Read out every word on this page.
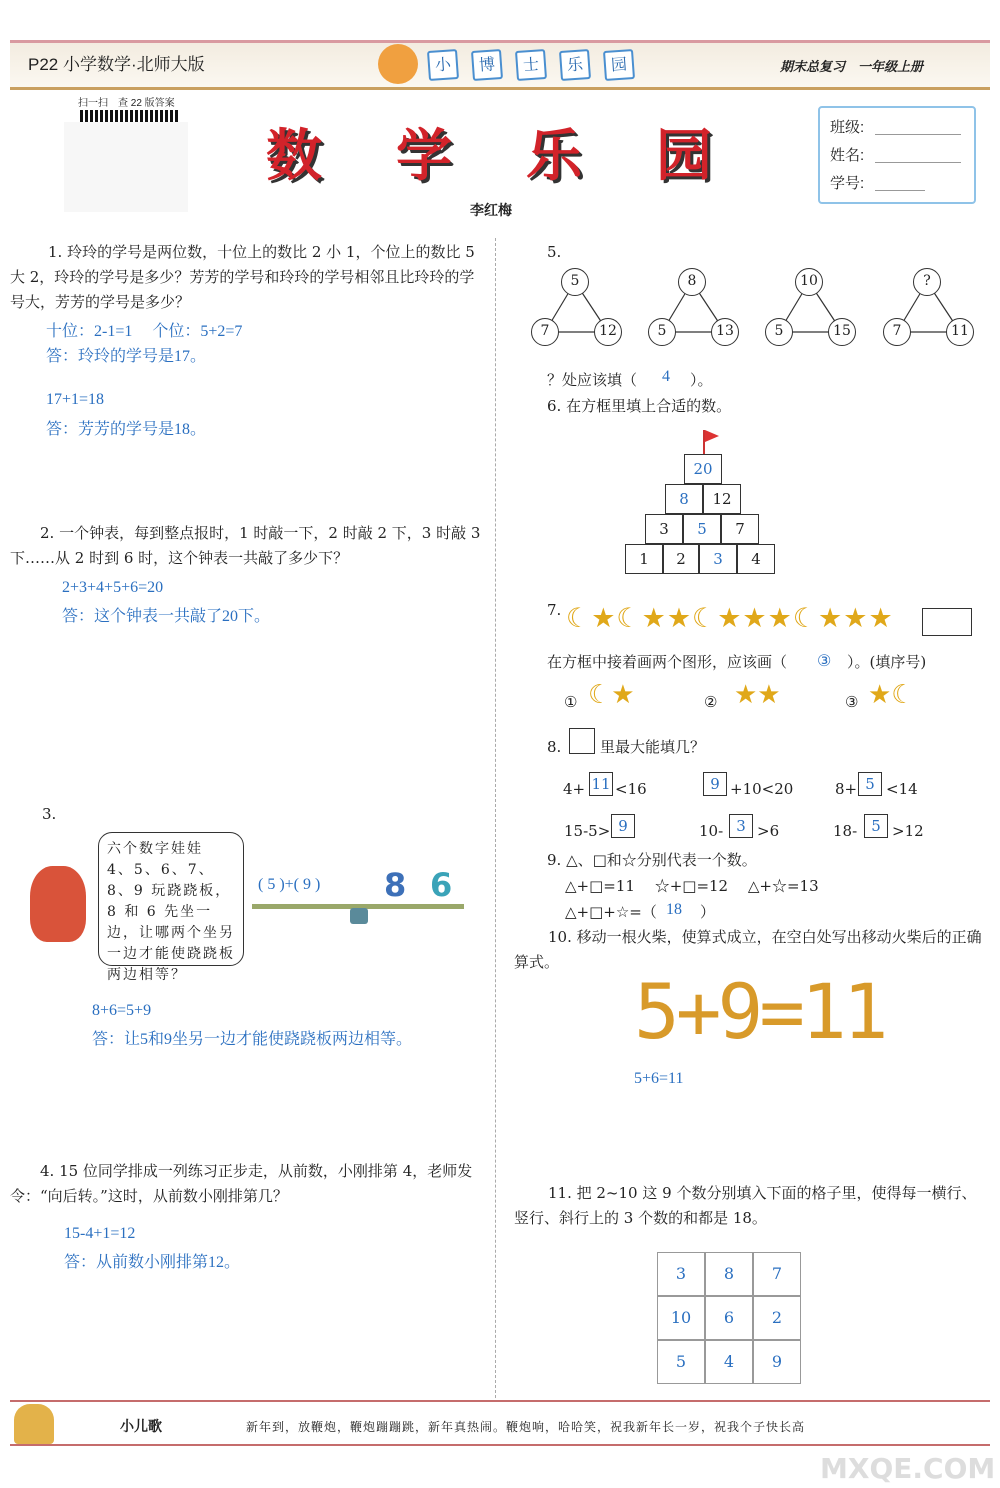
P22 小学数学·北师大版	小	博	士	乐	园	期末总复习　一年级上册
扫一扫　查 22 版答案
数 学 乐 园
李红梅
班级:
姓名:
学号:
1. 玲玲的学号是两位数，十位上的数比 2 小 1，个位上的数比 5 大 2，玲玲的学号是多少？芳芳的学号和玲玲的学号相邻且比玲玲的学号大，芳芳的学号是多少？
十位：2-1=1　 个位：5+2=7
答：玲玲的学号是17。
17+1=18
答：芳芳的学号是18。
2. 一个钟表，每到整点报时，1 时敲一下，2 时敲 2 下，3 时敲 3 下……从 2 时到 6 时，这个钟表一共敲了多少下？
2+3+4+5+6=20
答：这个钟表一共敲了20下。
3.
六个数字娃娃 4、5、6、7、8、9 玩跷跷板，8 和 6 先坐一边，让哪两个坐另一边才能使跷跷板两边相等？
( 5 )+( 9 ) 8 6
8+6=5+9
答：让5和9坐另一边才能使跷跷板两边相等。
4. 15 位同学排成一列练习正步走，从前数，小刚排第 4，老师发令：“向后转。”这时，从前数小刚排第几？
15-4+1=12
答：从前数小刚排第12。
5.
5
7	12
8
5	13
10
5	15
?
7	11
？处应该填（ 4 ）。
6. 在方框里填上合适的数。
20
8	12
3	5	7
1	2	3	4
7. ☾★☾★★☾★★★☾★★★
在方框中接着画两个图形，应该画（ ③ ）。(填序号)
① ☾★	② ★★	③ ★☾
8.	里最大能填几？
4+ 11 <16	9 +10<20	8+ 5 <14
15-5> 9	10- 3 >6	18- 5 >12
9. △、□和☆分别代表一个数。
△+□=11　 ☆+□=12　 △+☆=13
△+□+☆=（ 18 ）
10. 移动一根火柴，使算式成立，在空白处写出移动火柴后的正确算式。
5+9=11
5+6=11
11. 把 2~10 这 9 个数分别填入下面的格子里，使得每一横行、竖行、斜行上的 3 个数的和都是 18。
3	8	7
10	6	2
5	4	9
小儿歌	新年到，放鞭炮，鞭炮蹦蹦跳，新年真热闹。鞭炮响，哈哈笑，祝我新年长一岁，祝我个子快长高
MXQE.COM
